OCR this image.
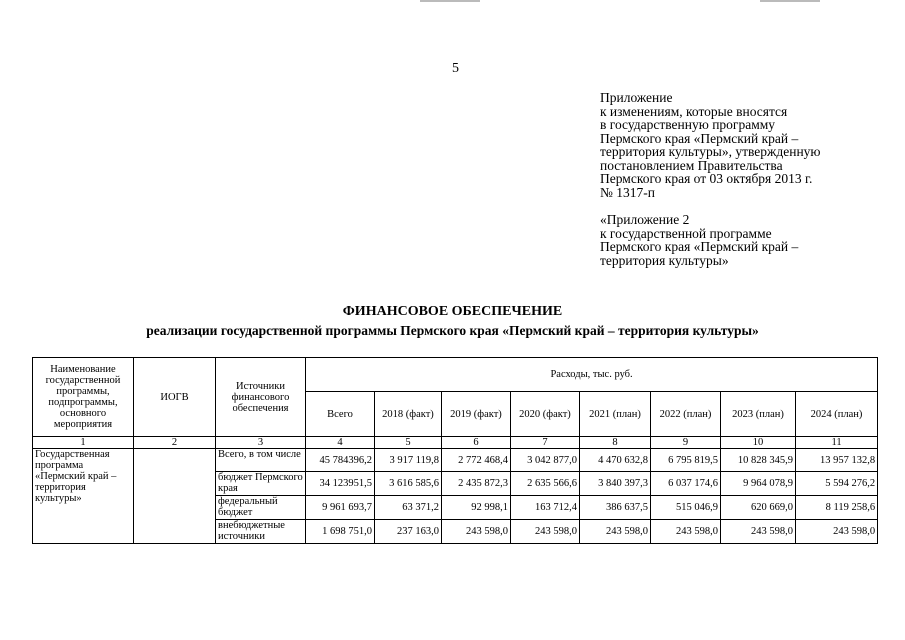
5
Приложение
к изменениям, которые вносятся
в государственную программу
Пермского края «Пермский край –
территория культуры», утвержденную
постановлением Правительства
Пермского края от 03 октября 2013 г.
№ 1317-п
«Приложение 2
к государственной программе
Пермского края «Пермский край –
территория культуры»
ФИНАНСОВОЕ ОБЕСПЕЧЕНИЕ
реализации государственной программы Пермского края «Пермский край – территория культуры»
Наименование государственной программы, подпрограммы, основного мероприятия	ИОГВ	Источники финансового обеспечения	Расходы, тыс. руб.							
			Всего	2018 (факт)	2019 (факт)	2020 (факт)	2021 (план)	2022 (план)	2023 (план)	2024 (план)
1	2	3	4	5	6	7	8	9	10	11
Государственная программа «Пермский край – территория культуры»		Всего, в том числе	45 784396,2	3 917 119,8	2 772 468,4	3 042 877,0	4 470 632,8	6 795 819,5	10 828 345,9	13 957 132,8
		бюджет Пермского края	34 123951,5	3 616 585,6	2 435 872,3	2 635 566,6	3 840 397,3	6 037 174,6	9 964 078,9	5 594 276,2
		федеральный бюджет	9 961 693,7	63 371,2	92 998,1	163 712,4	386 637,5	515 046,9	620 669,0	8 119 258,6
		внебюджетные источники	1 698 751,0	237 163,0	243 598,0	243 598,0	243 598,0	243 598,0	243 598,0	243 598,0
